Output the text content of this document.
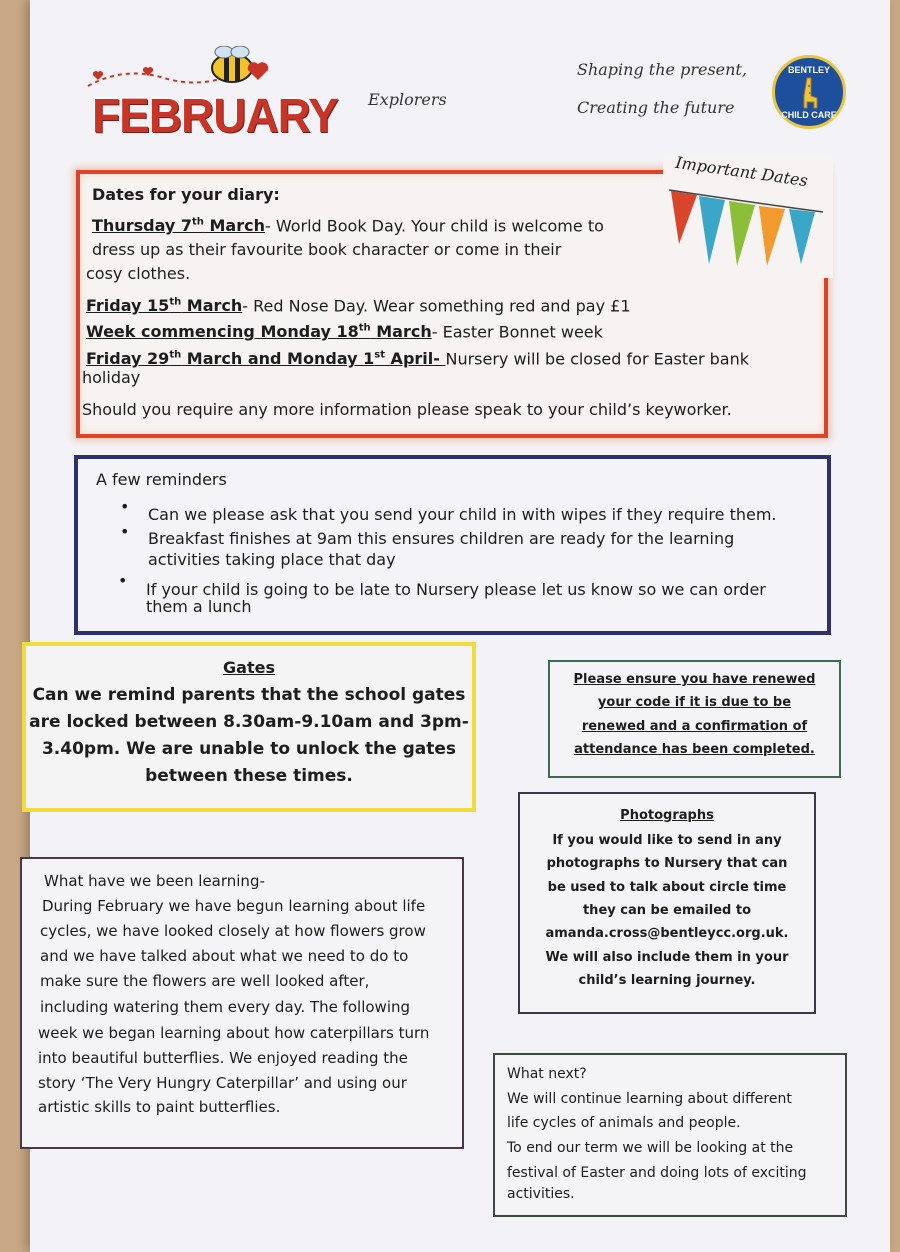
FEBRUARY Explorers
Shaping the present,
Creating the future
BENTLEY
CHILD CARE
Dates for your diary:
Thursday 7th March- World Book Day. Your child is welcome to
dress up as their favourite book character or come in their
cosy clothes.
Friday 15th March- Red Nose Day. Wear something red and pay £1
Week commencing Monday 18th March- Easter Bonnet week
Friday 29th March and Monday 1st April- Nursery will be closed for Easter bank
holiday
Should you require any more information please speak to your child’s keyworker.
Important Dates
A few reminders
• Can we please ask that you send your child in with wipes if they require them.
• Breakfast finishes at 9am this ensures children are ready for the learning
activities taking place that day
• If your child is going to be late to Nursery please let us know so we can order
them a lunch
Gates
Can we remind parents that the school gates
are locked between 8.30am-9.10am and 3pm-
3.40pm. We are unable to unlock the gates
between these times.
Please ensure you have renewed
your code if it is due to be
renewed and a confirmation of
attendance has been completed.
Photographs
If you would like to send in any
photographs to Nursery that can
be used to talk about circle time
they can be emailed to
amanda.cross@bentleycc.org.uk.
We will also include them in your
child’s learning journey.
What have we been learning-
During February we have begun learning about life
cycles, we have looked closely at how flowers grow
and we have talked about what we need to do to
make sure the flowers are well looked after,
including watering them every day. The following
week we began learning about how caterpillars turn
into beautiful butterflies. We enjoyed reading the
story ‘The Very Hungry Caterpillar’ and using our
artistic skills to paint butterflies.
What next?
We will continue learning about different
life cycles of animals and people.
To end our term we will be looking at the
festival of Easter and doing lots of exciting
activities.
